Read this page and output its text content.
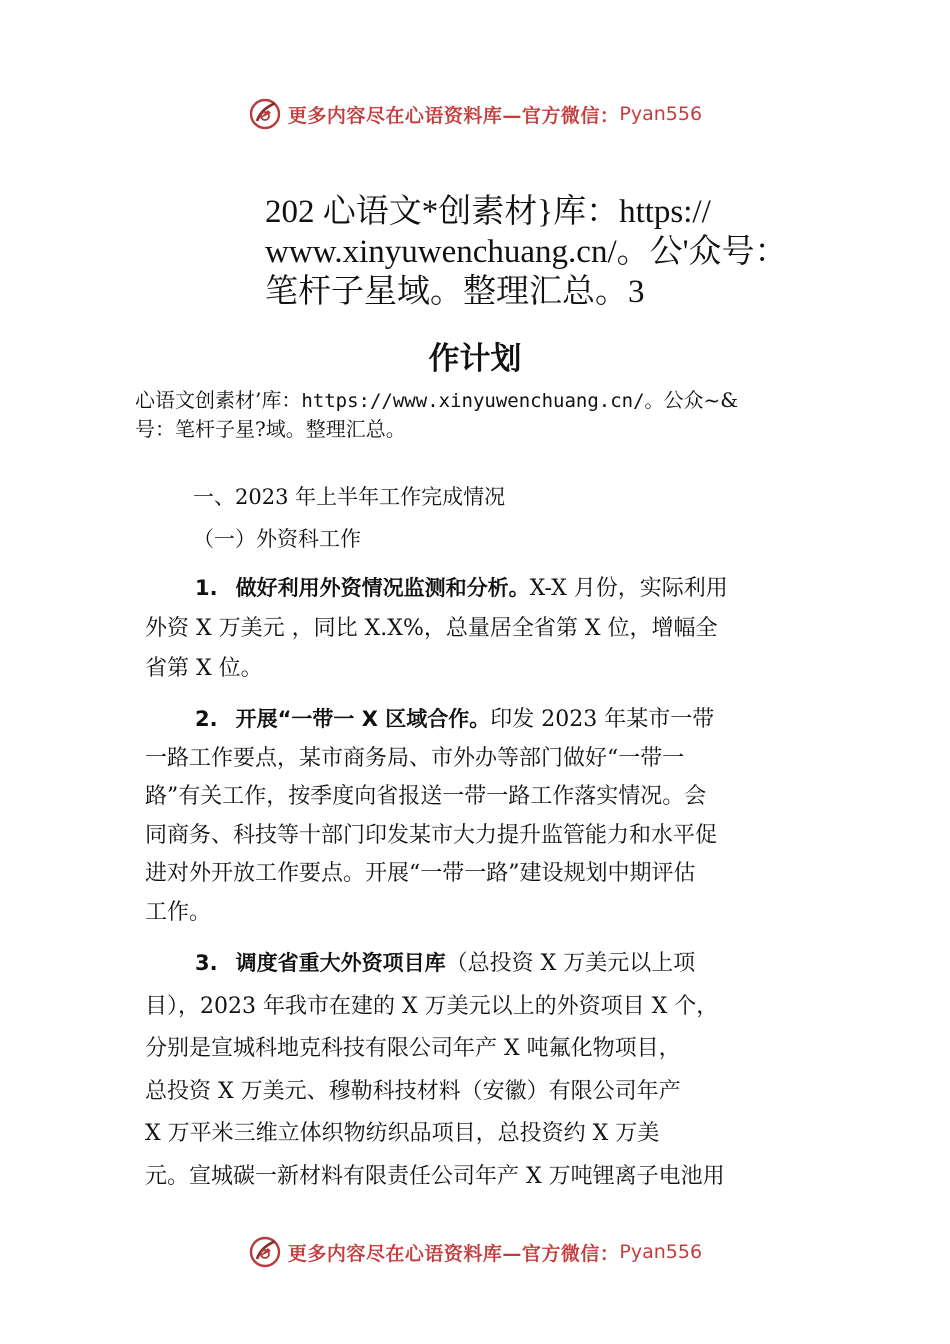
更多内容尽在心语资料库—官方微信： Pyan556
202 心语文*创素材}库：https://
www.xinyuwenchuang.cn/。公'众号：
笔杆子星域。整理汇总。3
作计划
心语文创素材’库：https://www.xinyuwenchuang.cn/。公众~&
号：笔杆子星?域。整理汇总。
一、2023 年上半年工作完成情况
（一）外资科工作
1. 做好利用外资情况监测和分析。X-X 月份，实际利用
外资 X 万美元 ，同比 X.X%，总量居全省第 X 位，增幅全
省第 X 位。
2. 开展“一带一 X 区域合作。印发 2023 年某市一带
一路工作要点，某市商务局、市外办等部门做好“一带一
路”有关工作，按季度向省报送一带一路工作落实情况。会
同商务、科技等十部门印发某市大力提升监管能力和水平促
进对外开放工作要点。开展“一带一路”建设规划中期评估
工作。
3. 调度省重大外资项目库（总投资 X 万美元以上项
目），2023 年我市在建的 X 万美元以上的外资项目 X 个，
分别是宣城科地克科技有限公司年产 X 吨氟化物项目，
总投资 X 万美元、穆勒科技材料（安徽）有限公司年产
X 万平米三维立体织物纺织品项目，总投资约 X 万美
元。宣城碳一新材料有限责任公司年产 X 万吨锂离子电池用
更多内容尽在心语资料库—官方微信： Pyan556
